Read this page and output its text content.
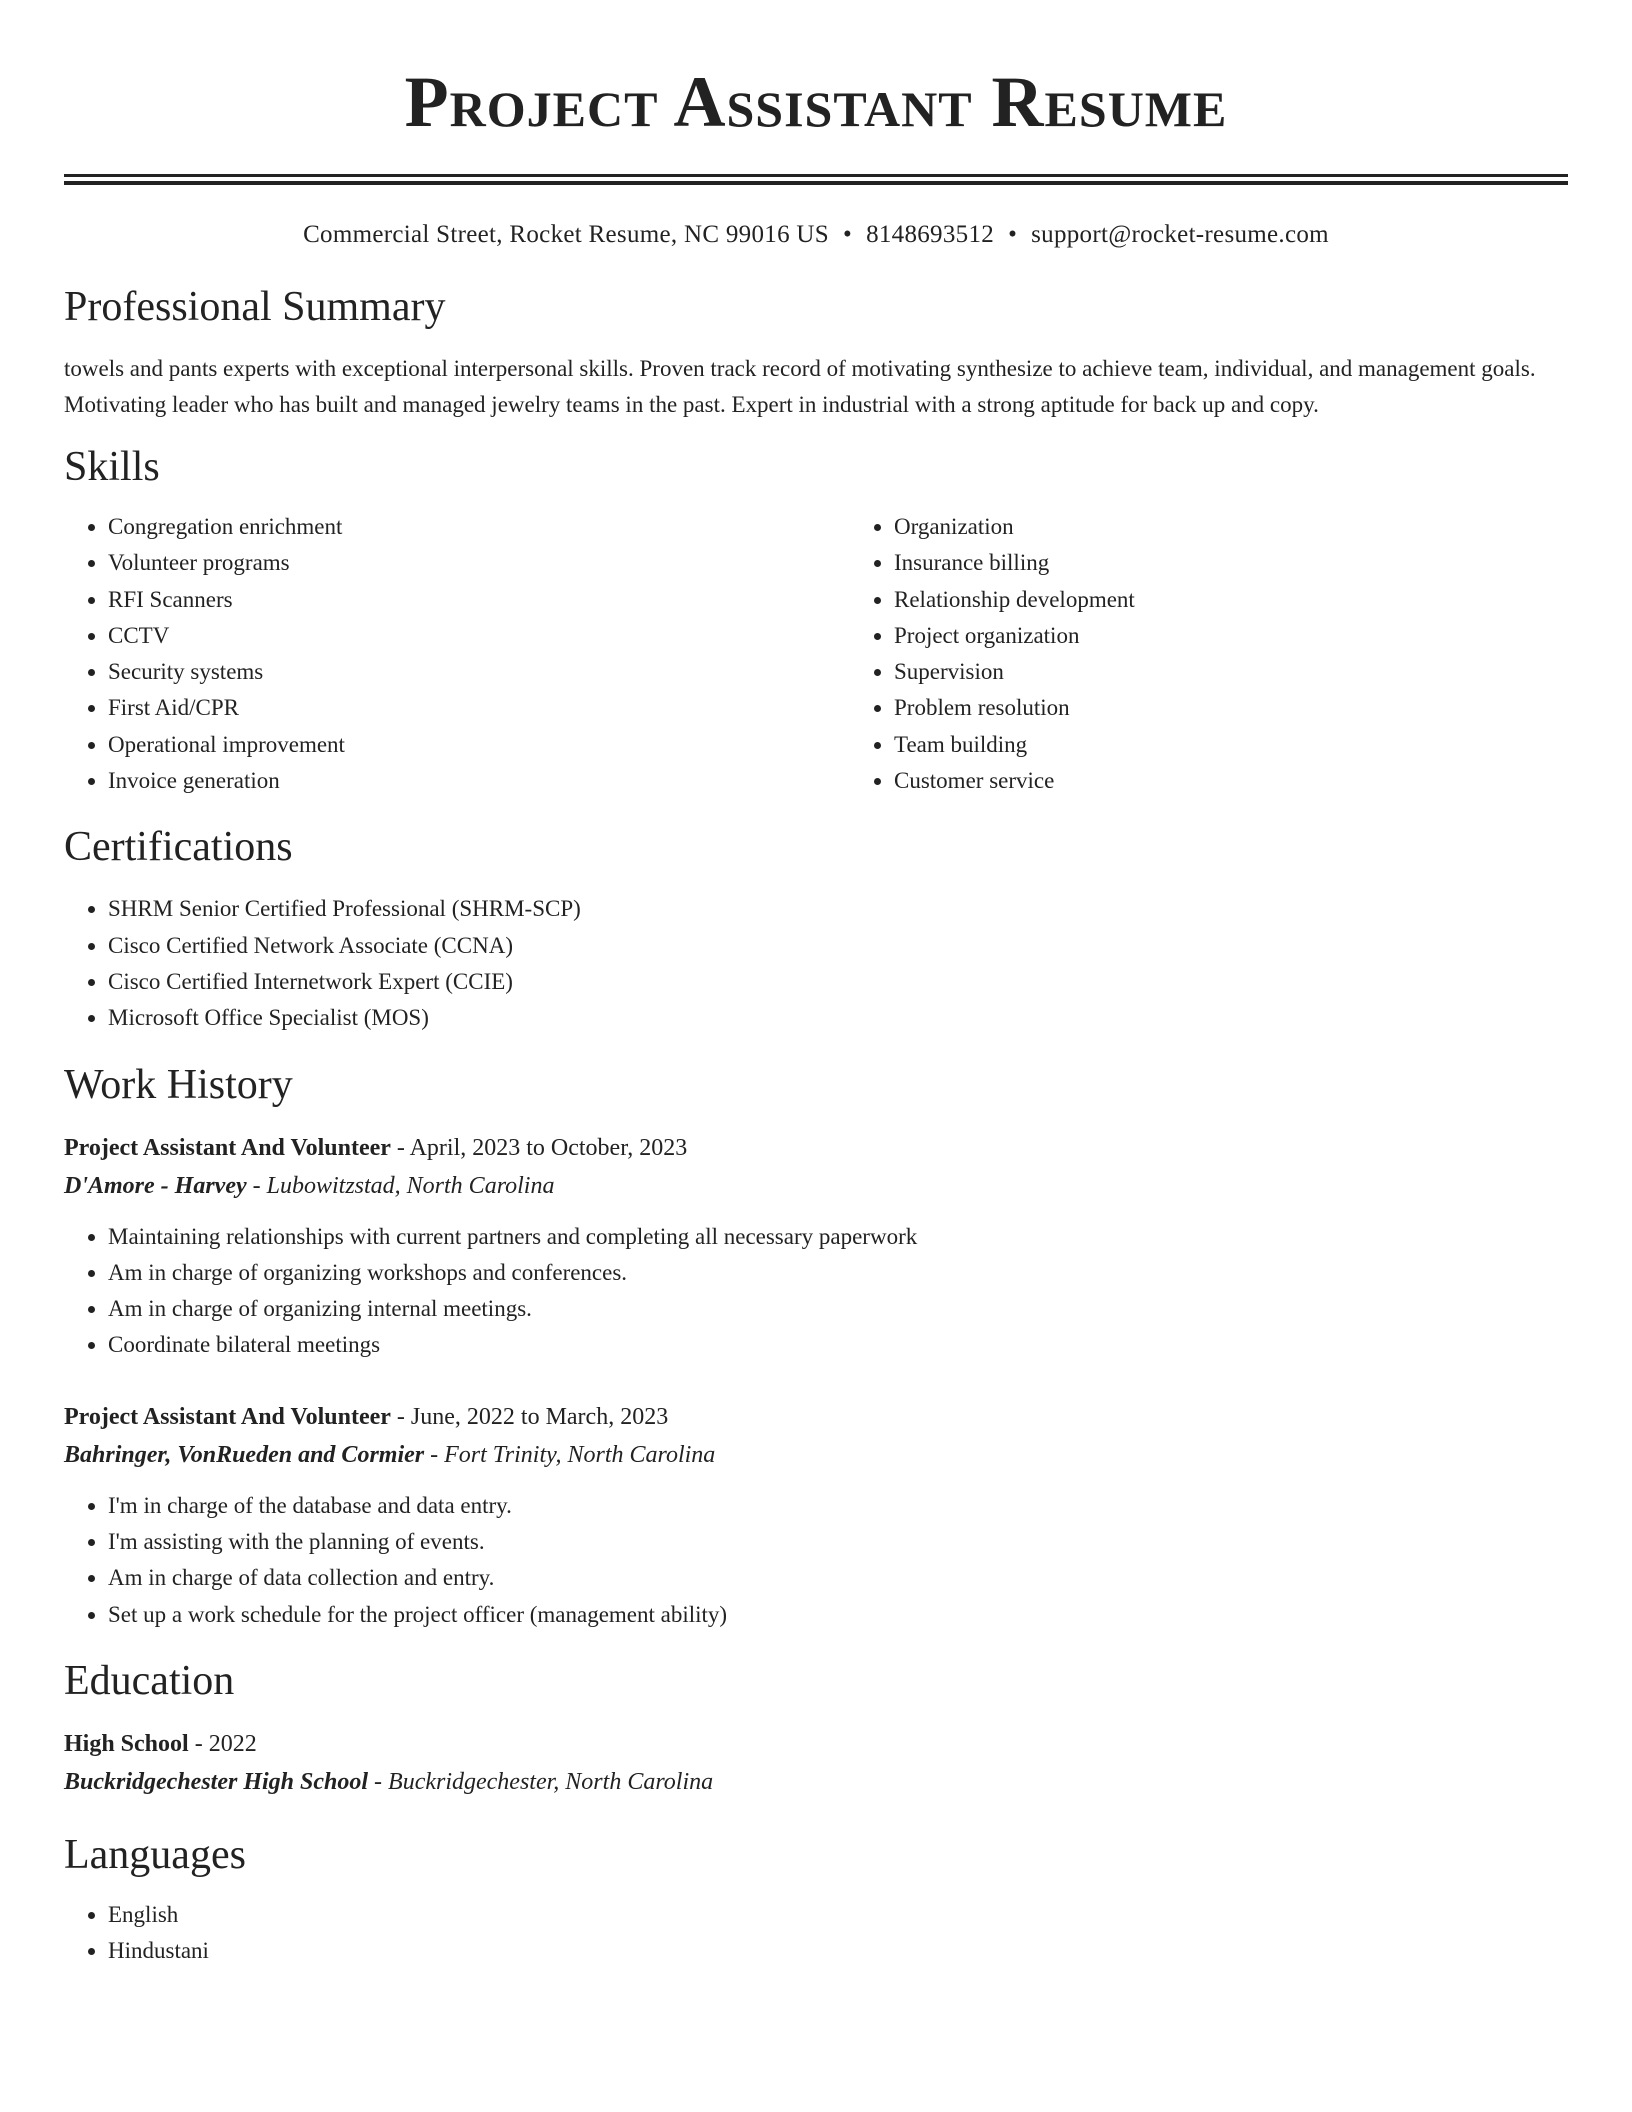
Project Assistant Resume
Commercial Street, Rocket Resume, NC 99016 US • 8148693512 • support@rocket-resume.com
Professional Summary
towels and pants experts with exceptional interpersonal skills. Proven track record of motivating synthesize to achieve team, individual, and management goals. Motivating leader who has built and managed jewelry teams in the past. Expert in industrial with a strong aptitude for back up and copy.
Skills
• Congregation enrichment
• Volunteer programs
• RFI Scanners
• CCTV
• Security systems
• First Aid/CPR
• Operational improvement
• Invoice generation
• Organization
• Insurance billing
• Relationship development
• Project organization
• Supervision
• Problem resolution
• Team building
• Customer service
Certifications
• SHRM Senior Certified Professional (SHRM-SCP)
• Cisco Certified Network Associate (CCNA)
• Cisco Certified Internetwork Expert (CCIE)
• Microsoft Office Specialist (MOS)
Work History
Project Assistant And Volunteer - April, 2023 to October, 2023
D'Amore - Harvey - Lubowitzstad, North Carolina
• Maintaining relationships with current partners and completing all necessary paperwork
• Am in charge of organizing workshops and conferences.
• Am in charge of organizing internal meetings.
• Coordinate bilateral meetings
Project Assistant And Volunteer - June, 2022 to March, 2023
Bahringer, VonRueden and Cormier - Fort Trinity, North Carolina
• I'm in charge of the database and data entry.
• I'm assisting with the planning of events.
• Am in charge of data collection and entry.
• Set up a work schedule for the project officer (management ability)
Education
High School - 2022
Buckridgechester High School - Buckridgechester, North Carolina
Languages
• English
• Hindustani
